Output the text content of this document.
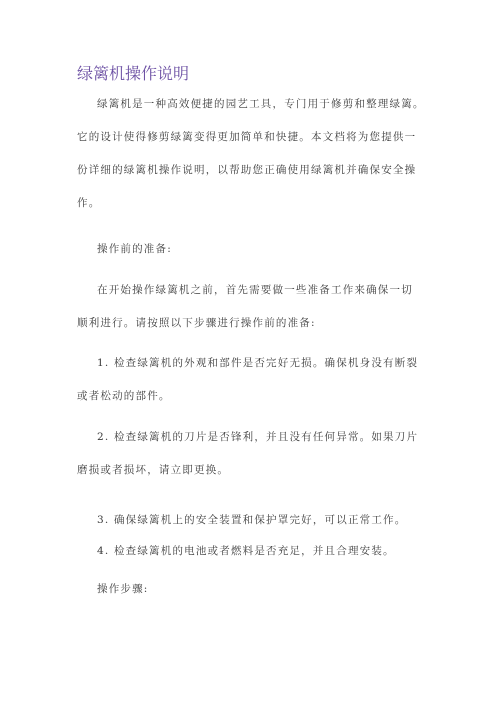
绿篱机操作说明
绿篱机是一种高效便捷的园艺工具，专门用于修剪和整理绿篱。
它的设计使得修剪绿篱变得更加简单和快捷。本文档将为您提供一
份详细的绿篱机操作说明，以帮助您正确使用绿篱机并确保安全操
作。
操作前的准备:
在开始操作绿篱机之前，首先需要做一些准备工作来确保一切
顺利进行。请按照以下步骤进行操作前的准备:
1. 检查绿篱机的外观和部件是否完好无损。确保机身没有断裂
或者松动的部件。
2. 检查绿篱机的刀片是否锋利，并且没有任何异常。如果刀片
磨损或者损坏，请立即更换。
3. 确保绿篱机上的安全装置和保护罩完好，可以正常工作。
4. 检查绿篱机的电池或者燃料是否充足，并且合理安装。
操作步骤:
